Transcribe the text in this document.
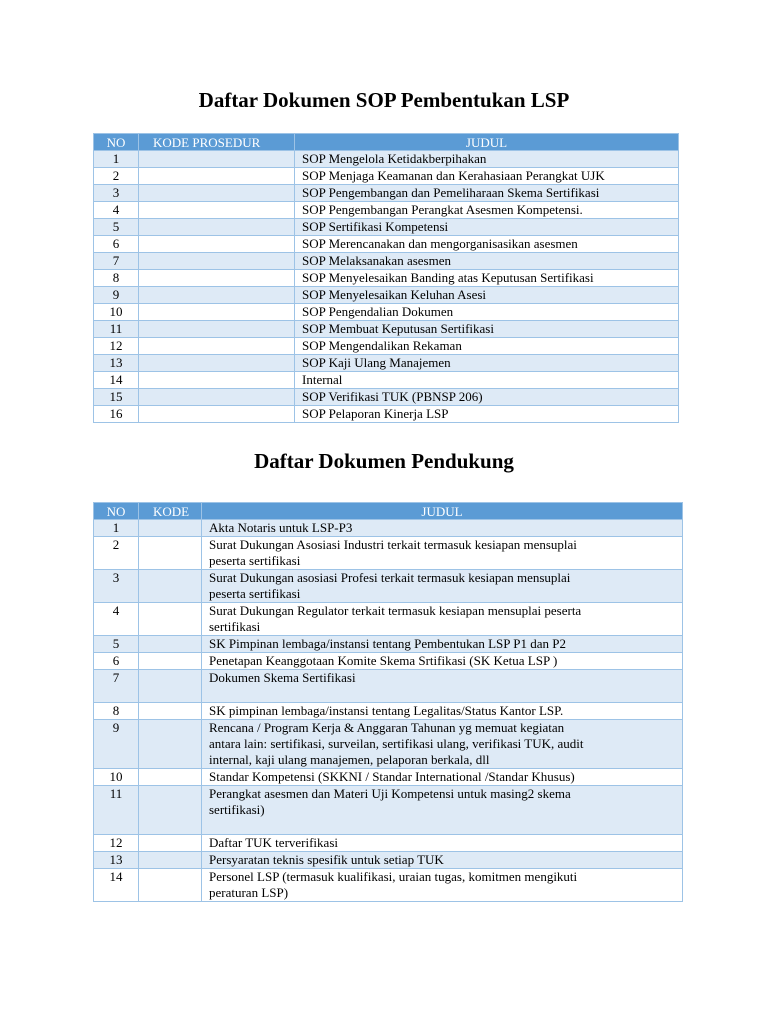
Daftar Dokumen SOP Pembentukan LSP
NO	KODE PROSEDUR	JUDUL
1		SOP Mengelola Ketidakberpihakan
2		SOP Menjaga Keamanan dan Kerahasiaan Perangkat UJK
3		SOP Pengembangan dan Pemeliharaan Skema Sertifikasi
4		SOP Pengembangan Perangkat Asesmen Kompetensi.
5		SOP Sertifikasi Kompetensi
6		SOP Merencanakan dan mengorganisasikan asesmen
7		SOP Melaksanakan asesmen
8		SOP Menyelesaikan Banding atas Keputusan Sertifikasi
9		SOP Menyelesaikan Keluhan Asesi
10		SOP Pengendalian Dokumen
11		SOP Membuat Keputusan Sertifikasi
12		SOP Mengendalikan Rekaman
13		SOP Kaji Ulang Manajemen
14		Internal
15		SOP Verifikasi TUK (PBNSP 206)
16		SOP Pelaporan Kinerja LSP
Daftar Dokumen Pendukung
NO	KODE	JUDUL
1		Akta Notaris untuk LSP-P3

2		Surat Dukungan Asosiasi Industri terkait termasuk kesiapan mensuplai
peserta sertifikasi

3		Surat Dukungan asosiasi Profesi terkait termasuk kesiapan mensuplai
peserta sertifikasi

4		Surat Dukungan Regulator terkait termasuk kesiapan mensuplai peserta
sertifikasi

5		SK Pimpinan lembaga/instansi tentang Pembentukan LSP P1 dan P2

6		Penetapan Keanggotaan Komite Skema Srtifikasi (SK Ketua LSP )

7		Dokumen Skema Sertifikasi

8		SK pimpinan lembaga/instansi tentang Legalitas/Status Kantor LSP.

9		Rencana / Program Kerja & Anggaran Tahunan yg memuat kegiatan
antara lain: sertifikasi, surveilan, sertifikasi ulang, verifikasi TUK, audit
internal, kaji ulang manajemen, pelaporan berkala, dll

10		Standar Kompetensi (SKKNI / Standar International /Standar Khusus)

11		Perangkat asesmen dan Materi Uji Kompetensi untuk masing2 skema
sertifikasi)

12		Daftar TUK terverifikasi

13		Persyaratan teknis spesifik untuk setiap TUK

14		Personel LSP (termasuk kualifikasi, uraian tugas, komitmen mengikuti
peraturan LSP)
